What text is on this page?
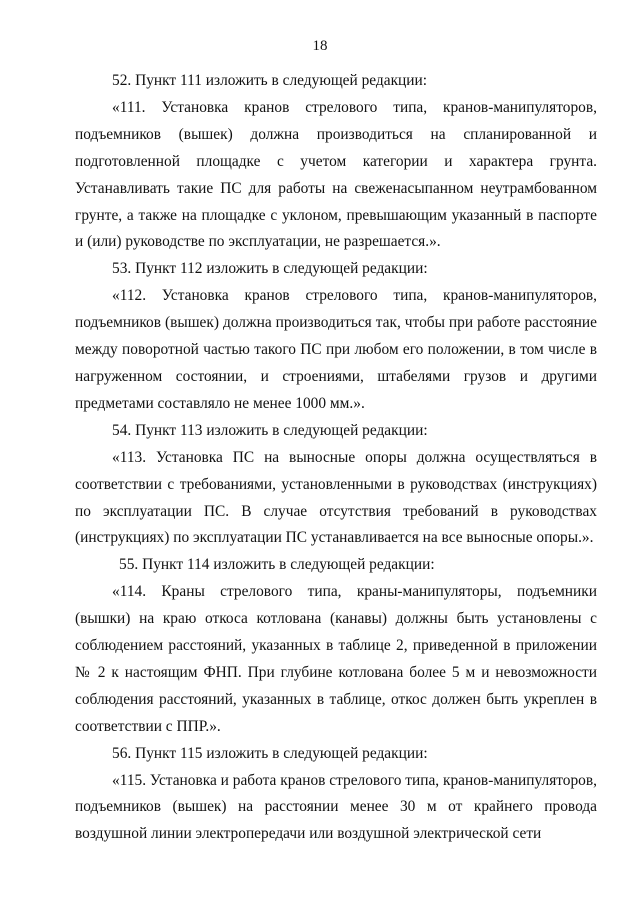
18

52. Пункт 111 изложить в следующей редакции:

«111. Установка кранов стрелового типа, кранов-манипуляторов, подъемников (вышек) должна производиться на спланированной и подготовленной площадке с учетом категории и характера грунта. Устанавливать такие ПС для работы на свеженасыпанном неутрамбованном грунте, а также на площадке с уклоном, превышающим указанный в паспорте и (или) руководстве по эксплуатации, не разрешается.».

53. Пункт 112 изложить в следующей редакции:

«112. Установка кранов стрелового типа, кранов-манипуляторов, подъемников (вышек) должна производиться так, чтобы при работе расстояние между поворотной частью такого ПС при любом его положении, в том числе в нагруженном состоянии, и строениями, штабелями грузов и другими предметами составляло не менее 1000 мм.».

54. Пункт 113 изложить в следующей редакции:

«113. Установка ПС на выносные опоры должна осуществляться в соответствии с требованиями, установленными в руководствах (инструкциях) по эксплуатации ПС. В случае отсутствия требований в руководствах (инструкциях) по эксплуатации ПС устанавливается на все выносные опоры.».

55. Пункт 114 изложить в следующей редакции:

«114. Краны стрелового типа, краны-манипуляторы, подъемники (вышки) на краю откоса котлована (канавы) должны быть установлены с соблюдением расстояний, указанных в таблице 2, приведенной в приложении № 2 к настоящим ФНП. При глубине котлована более 5 м и невозможности соблюдения расстояний, указанных в таблице, откос должен быть укреплен в соответствии с ППР.».

56. Пункт 115 изложить в следующей редакции:

«115. Установка и работа кранов стрелового типа, кранов-манипуляторов, подъемников (вышек) на расстоянии менее 30 м от крайнего провода воздушной линии электропередачи или воздушной электрической сети
